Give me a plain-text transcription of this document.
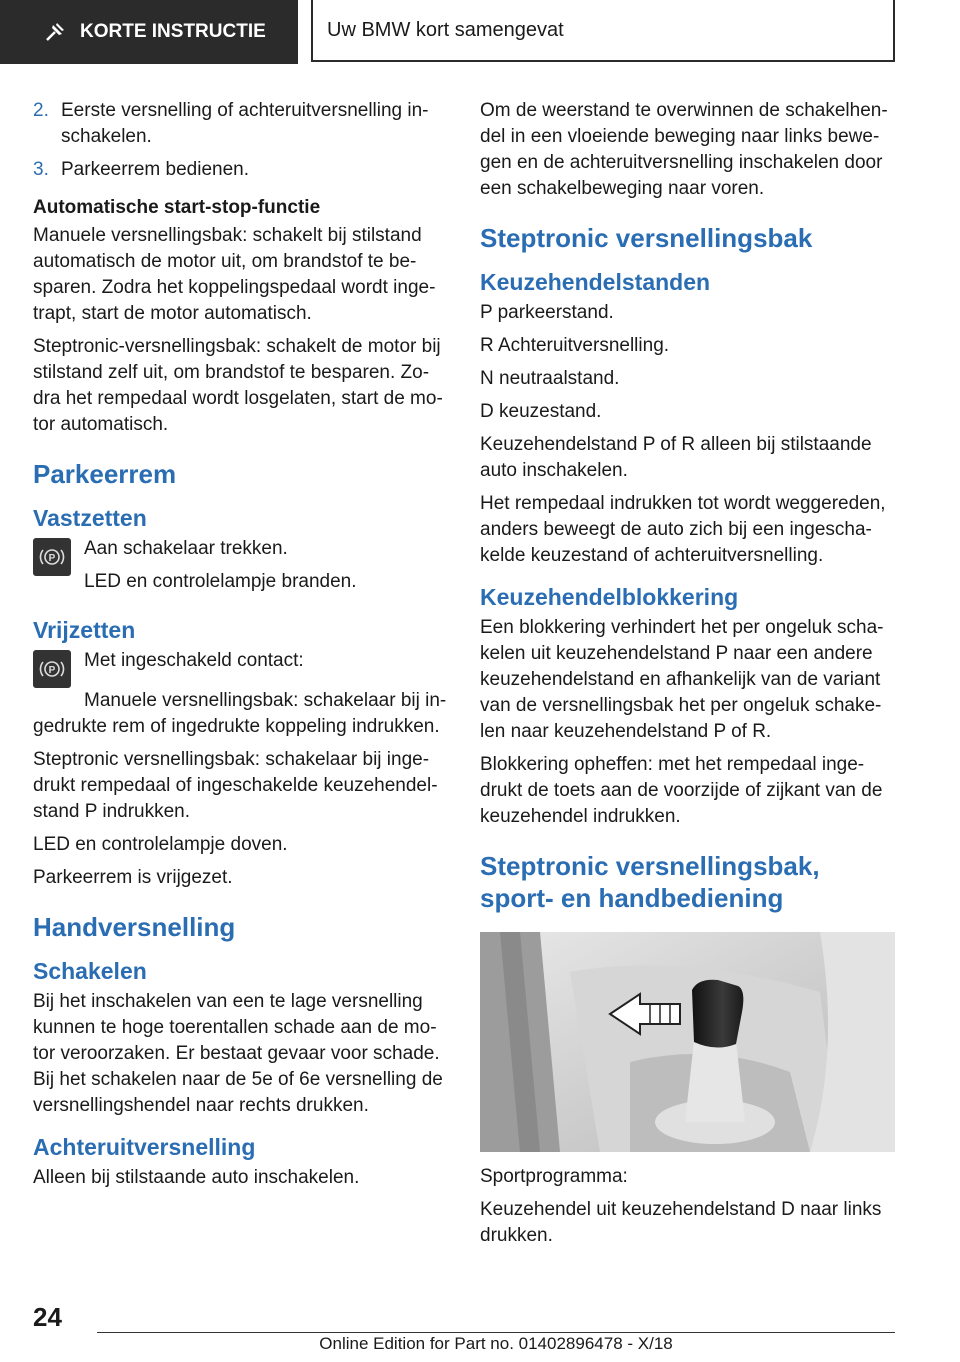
KORTE INSTRUCTIE	Uw BMW kort samengevat
2. Eerste versnelling of achteruitversnelling in-schakelen.
3. Parkeerrem bedienen.

Automatische start-stop-functie

Manuele versnellingsbak: schakelt bij stilstand automatisch de motor uit, om brandstof te be-sparen. Zodra het koppelingspedaal wordt inge-trapt, start de motor automatisch.

Steptronic-versnellingsbak: schakelt de motor bij stilstand zelf uit, om brandstof te besparen. Zo-dra het rempedaal wordt losgelaten, start de mo-tor automatisch.

Parkeerrem
Vastzetten
P Aan schakelaar trekken.

LED en controlelampje branden.

Vrijzetten
P Met ingeschakeld contact:

Manuele versnellingsbak: schakelaar bij in-gedrukte rem of ingedrukte koppeling indrukken.

Steptronic versnellingsbak: schakelaar bij inge-drukt rempedaal of ingeschakelde keuzehendel-stand P indrukken.

LED en controlelampje doven.

Parkeerrem is vrijgezet.

Handversnelling
Schakelen

Bij het inschakelen van een te lage versnelling kunnen te hoge toerentallen schade aan de mo-tor veroorzaken. Er bestaat gevaar voor schade. Bij het schakelen naar de 5e of 6e versnelling de versnellingshendel naar rechts drukken.

Achteruitversnelling

Alleen bij stilstaande auto inschakelen.

Om de weerstand te overwinnen de schakelhen-del in een vloeiende beweging naar links bewe-gen en de achteruitversnelling inschakelen door een schakelbeweging naar voren.

Steptronic versnellingsbak
Keuzehendelstanden

P parkeerstand.

R Achteruitversnelling.

N neutraalstand.

D keuzestand.

Keuzehendelstand P of R alleen bij stilstaande auto inschakelen.

Het rempedaal indrukken tot wordt weggereden, anders beweegt de auto zich bij een ingescha-kelde keuzestand of achteruitversnelling.

Keuzehendelblokkering

Een blokkering verhindert het per ongeluk scha-kelen uit keuzehendelstand P naar een andere keuzehendelstand en afhankelijk van de variant van de versnellingsbak het per ongeluk schake-len naar keuzehendelstand P of R.

Blokkering opheffen: met het rempedaal inge-drukt de toets aan de voorzijde of zijkant van de keuzehendel indrukken.

Steptronic versnellingsbak, sport- en handbediening

Sportprogramma:

Keuzehendel uit keuzehendelstand D naar links drukken.

24
Online Edition for Part no. 01402896478 - X/18
